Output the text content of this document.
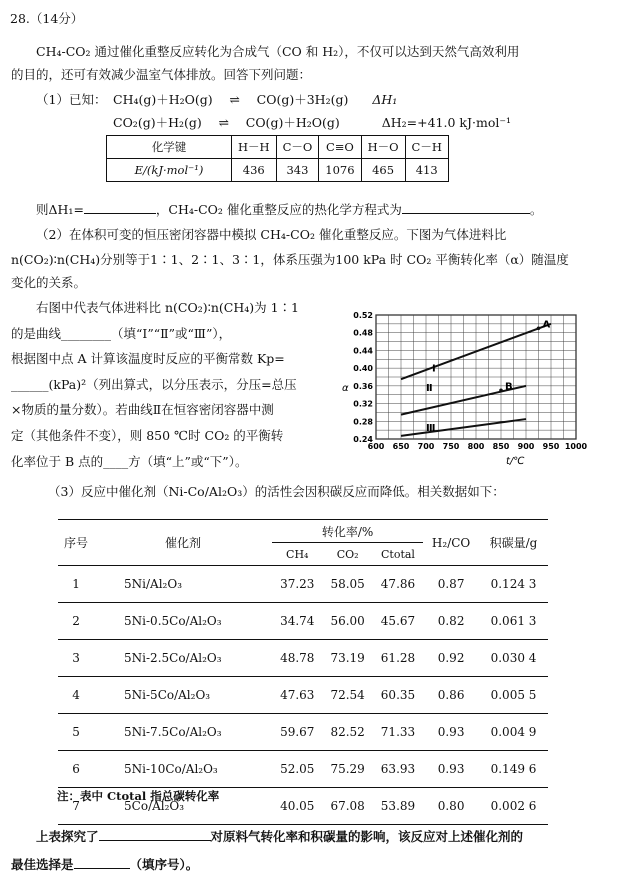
28.（14分）
CH₄-CO₂ 通过催化重整反应转化为合成气（CO 和 H₂），不仅可以达到天然气高效利用
的目的，还可有效减少温室气体排放。回答下列问题：
（1）已知： CH₄(g)＋H₂O(g) ⇌ CO(g)＋3H₂(g) ΔH₁
CO₂(g)＋H₂(g) ⇌ CO(g)＋H₂O(g)	ΔH₂=+41.0 kJ·mol⁻¹
化学键	H－H	C－O	C≡O	H－O	C－H
E/(kJ·mol⁻¹)	436	343	1076	465	413
则ΔH₁=	，CH₄-CO₂ 催化重整反应的热化学方程式为	。
（2）在体积可变的恒压密闭容器中模拟 CH₄-CO₂ 催化重整反应。下图为气体进料比
n(CO₂)∶n(CH₄)分别等于1∶1、2∶1、3∶1，体系压强为100 kPa 时 CO₂ 平衡转化率（α）随温度
变化的关系。
右图中代表气体进料比 n(CO₂)∶n(CH₄)为 1∶1
的是曲线________（填“Ⅰ”“Ⅱ”或“Ⅲ”），
根据图中点 A 计算该温度时反应的平衡常数 Kp=
______(kPa)²（列出算式，以分压表示，分压=总压
×物质的量分数）。若曲线Ⅱ在恒容密闭容器中测
定（其他条件不变），则 850 ℃时 CO₂ 的平衡转
化率位于 B 点的____方（填“上”或“下”）。
600 650 700 750 800 850 900 950 1000
0.24
0.28
0.32
0.36
0.40
0.44
0.48
0.52
α
t/℃
Ⅰ
Ⅱ
Ⅲ
A
B
（3）反应中催化剂（Ni-Co/Al₂O₃）的活性会因积碳反应而降低。相关数据如下：
序号	催化剂	转化率/%			H₂/CO	积碳量/g
		CH₄	CO₂	Ctotal		
1	5Ni/Al₂O₃	37.23	58.05	47.86	0.87	0.124 3
2	5Ni-0.5Co/Al₂O₃	34.74	56.00	45.67	0.82	0.061 3
3	5Ni-2.5Co/Al₂O₃	48.78	73.19	61.28	0.92	0.030 4
4	5Ni-5Co/Al₂O₃	47.63	72.54	60.35	0.86	0.005 5
5	5Ni-7.5Co/Al₂O₃	59.67	82.52	71.33	0.93	0.004 9
6	5Ni-10Co/Al₂O₃	52.05	75.29	63.93	0.93	0.149 6
7	5Co/Al₂O₃	40.05	67.08	53.89	0.80	0.002 6
注：表中 Ctotal 指总碳转化率
上表探究了	对原料气转化率和积碳量的影响，该反应对上述催化剂的
最佳选择是	（填序号）。
